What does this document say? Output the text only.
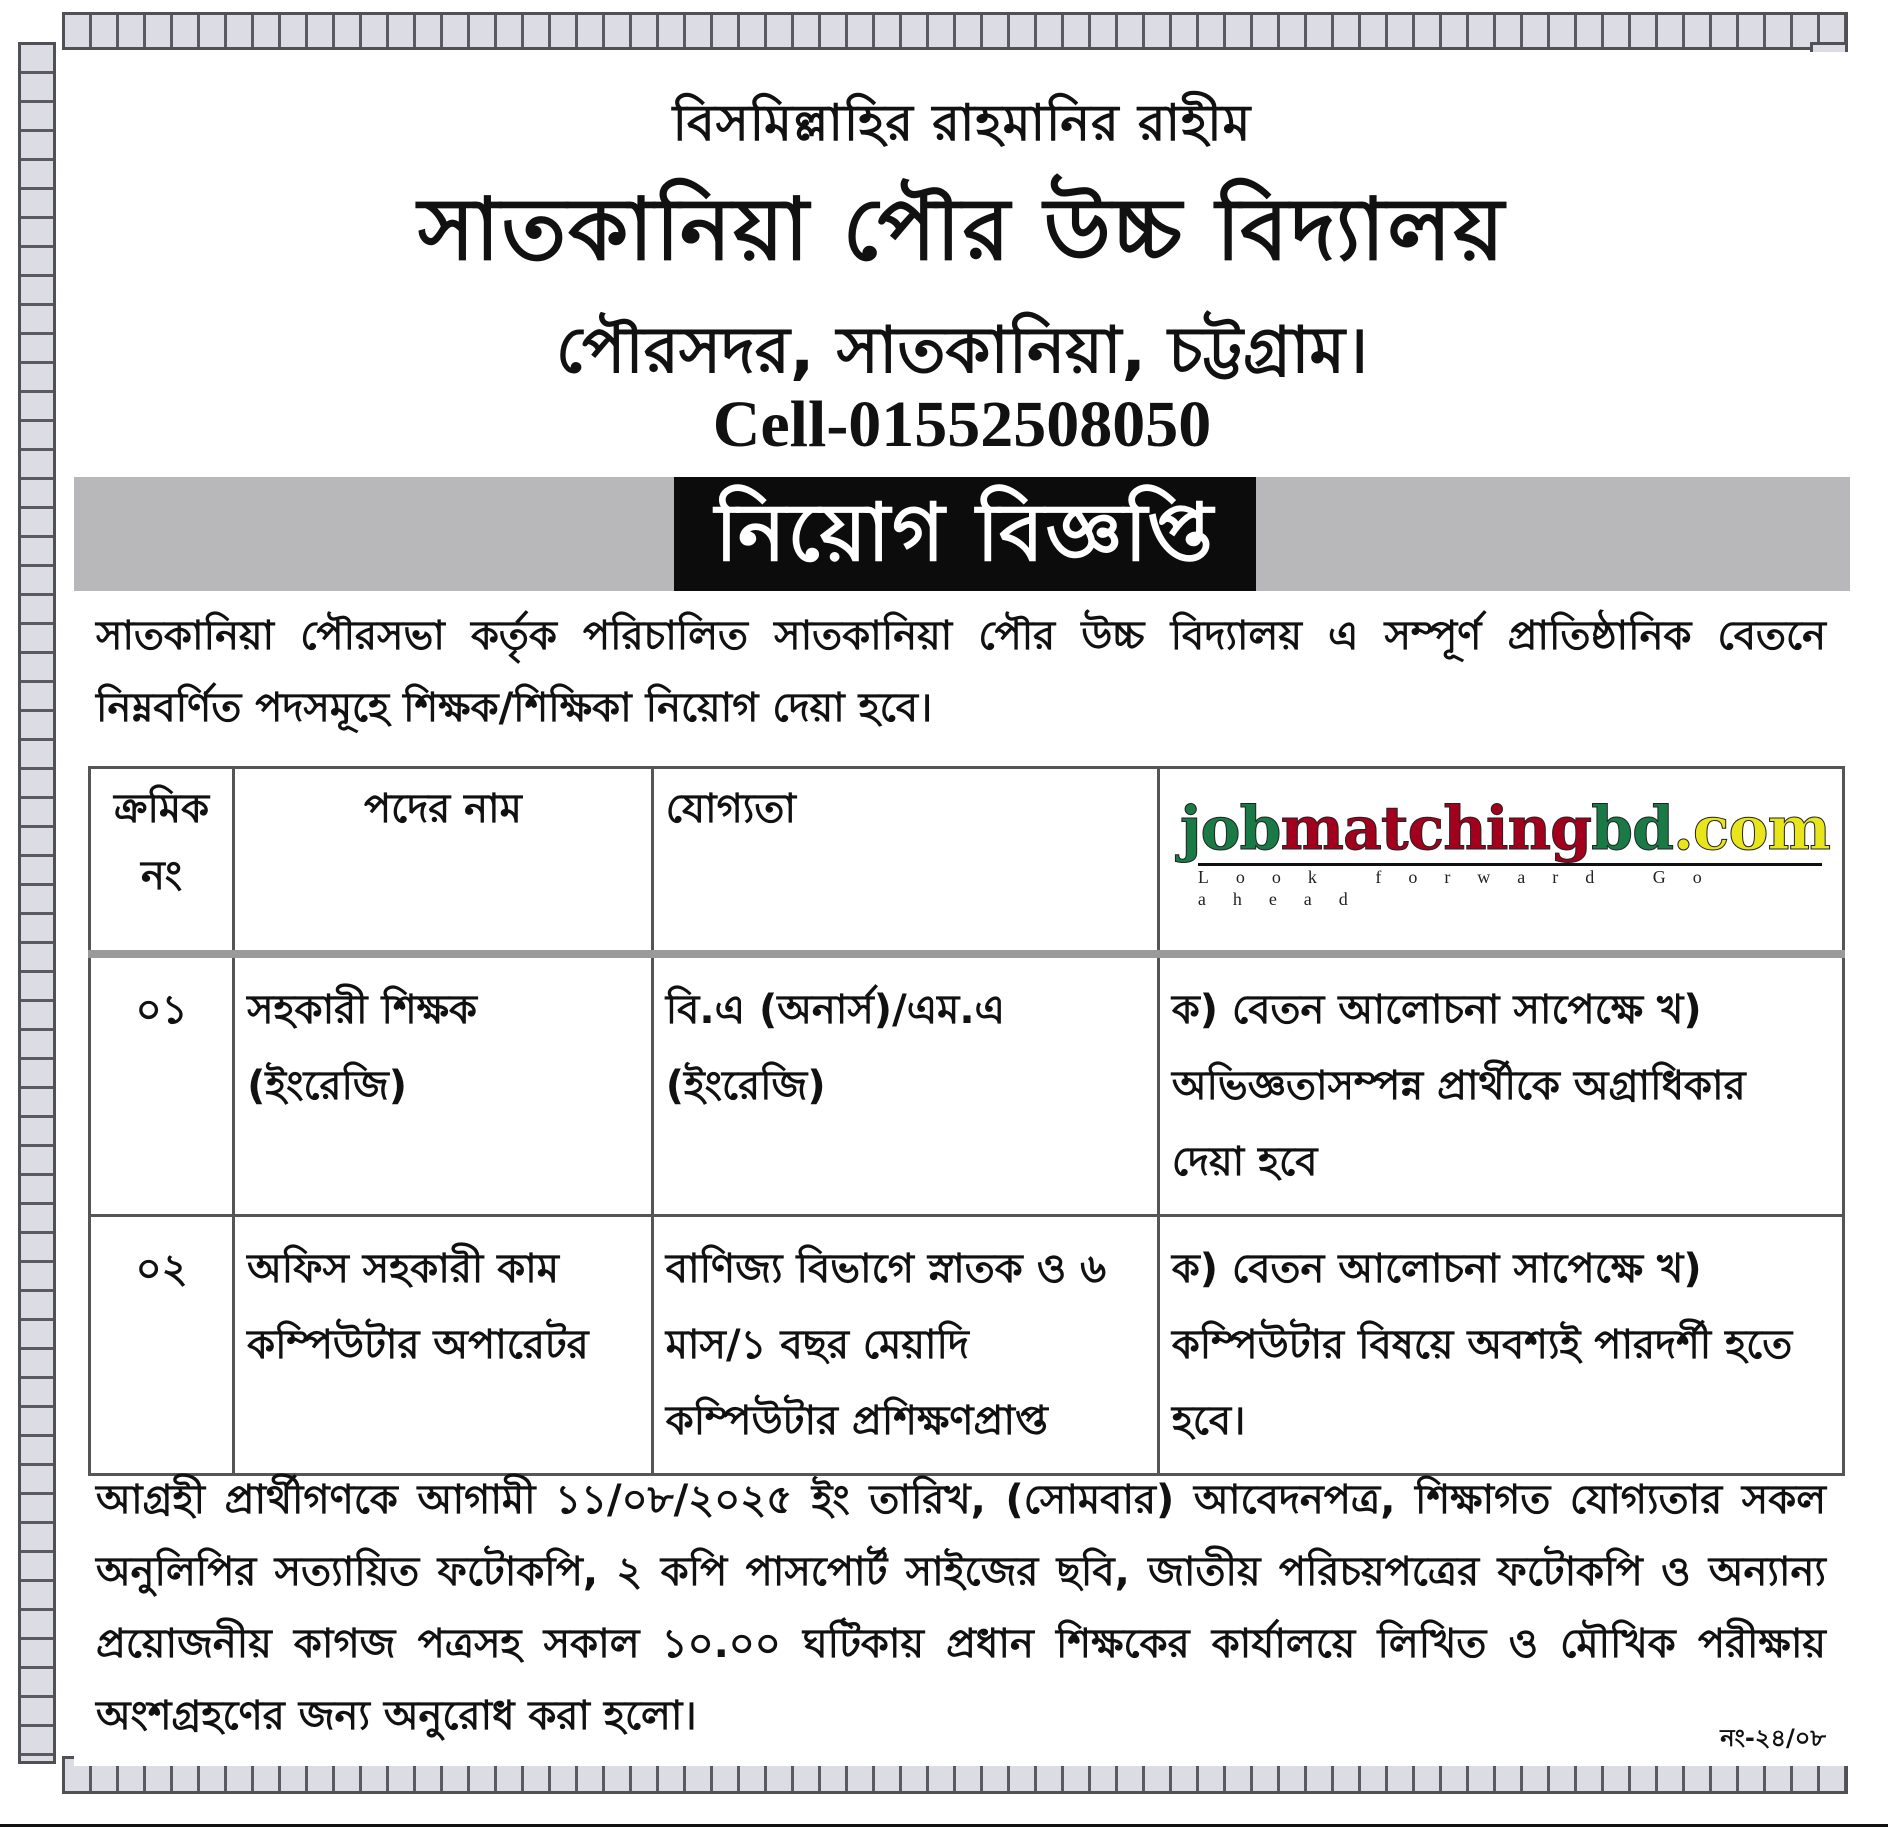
বিসমিল্লাহির রাহমানির রাহীম
সাতকানিয়া পৌর উচ্চ বিদ্যালয়
পৌরসদর, সাতকানিয়া, চট্টগ্রাম।
Cell-01552508050
নিয়োগ বিজ্ঞপ্তি
সাতকানিয়া পৌরসভা কর্তৃক পরিচালিত সাতকানিয়া পৌর উচ্চ বিদ্যালয় এ সম্পূর্ণ প্রাতিষ্ঠানিক বেতনে নিম্নবর্ণিত পদসমূহে শিক্ষক/শিক্ষিকা নিয়োগ দেয়া হবে।
ক্রমিক নং	পদের নাম	যোগ্যতা	jobmatchingbd.com
Look forward Go ahead

০১	সহকারী শিক্ষক (ইংরেজি)	বি.এ (অনার্স)/এম.এ (ইংরেজি)	ক) বেতন আলোচনা সাপেক্ষে খ) অভিজ্ঞতাসম্পন্ন প্রার্থীকে অগ্রাধিকার দেয়া হবে
০২	অফিস সহকারী কাম কম্পিউটার অপারেটর	বাণিজ্য বিভাগে স্নাতক ও ৬ মাস/১ বছর মেয়াদি কম্পিউটার প্রশিক্ষণপ্রাপ্ত	ক) বেতন আলোচনা সাপেক্ষে খ) কম্পিউটার বিষয়ে অবশ্যই পারদর্শী হতে হবে।
আগ্রহী প্রার্থীগণকে আগামী ১১/০৮/২০২৫ ইং তারিখ, (সোমবার) আবেদনপত্র, শিক্ষাগত যোগ্যতার সকল অনুলিপির সত্যায়িত ফটোকপি, ২ কপি পাসপোর্ট সাইজের ছবি, জাতীয় পরিচয়পত্রের ফটোকপি ও অন্যান্য প্রয়োজনীয় কাগজ পত্রসহ সকাল ১০.০০ ঘটিকায় প্রধান শিক্ষকের কার্যালয়ে লিখিত ও মৌখিক পরীক্ষায় অংশগ্রহণের জন্য অনুরোধ করা হলো।	নং-২৪/০৮
